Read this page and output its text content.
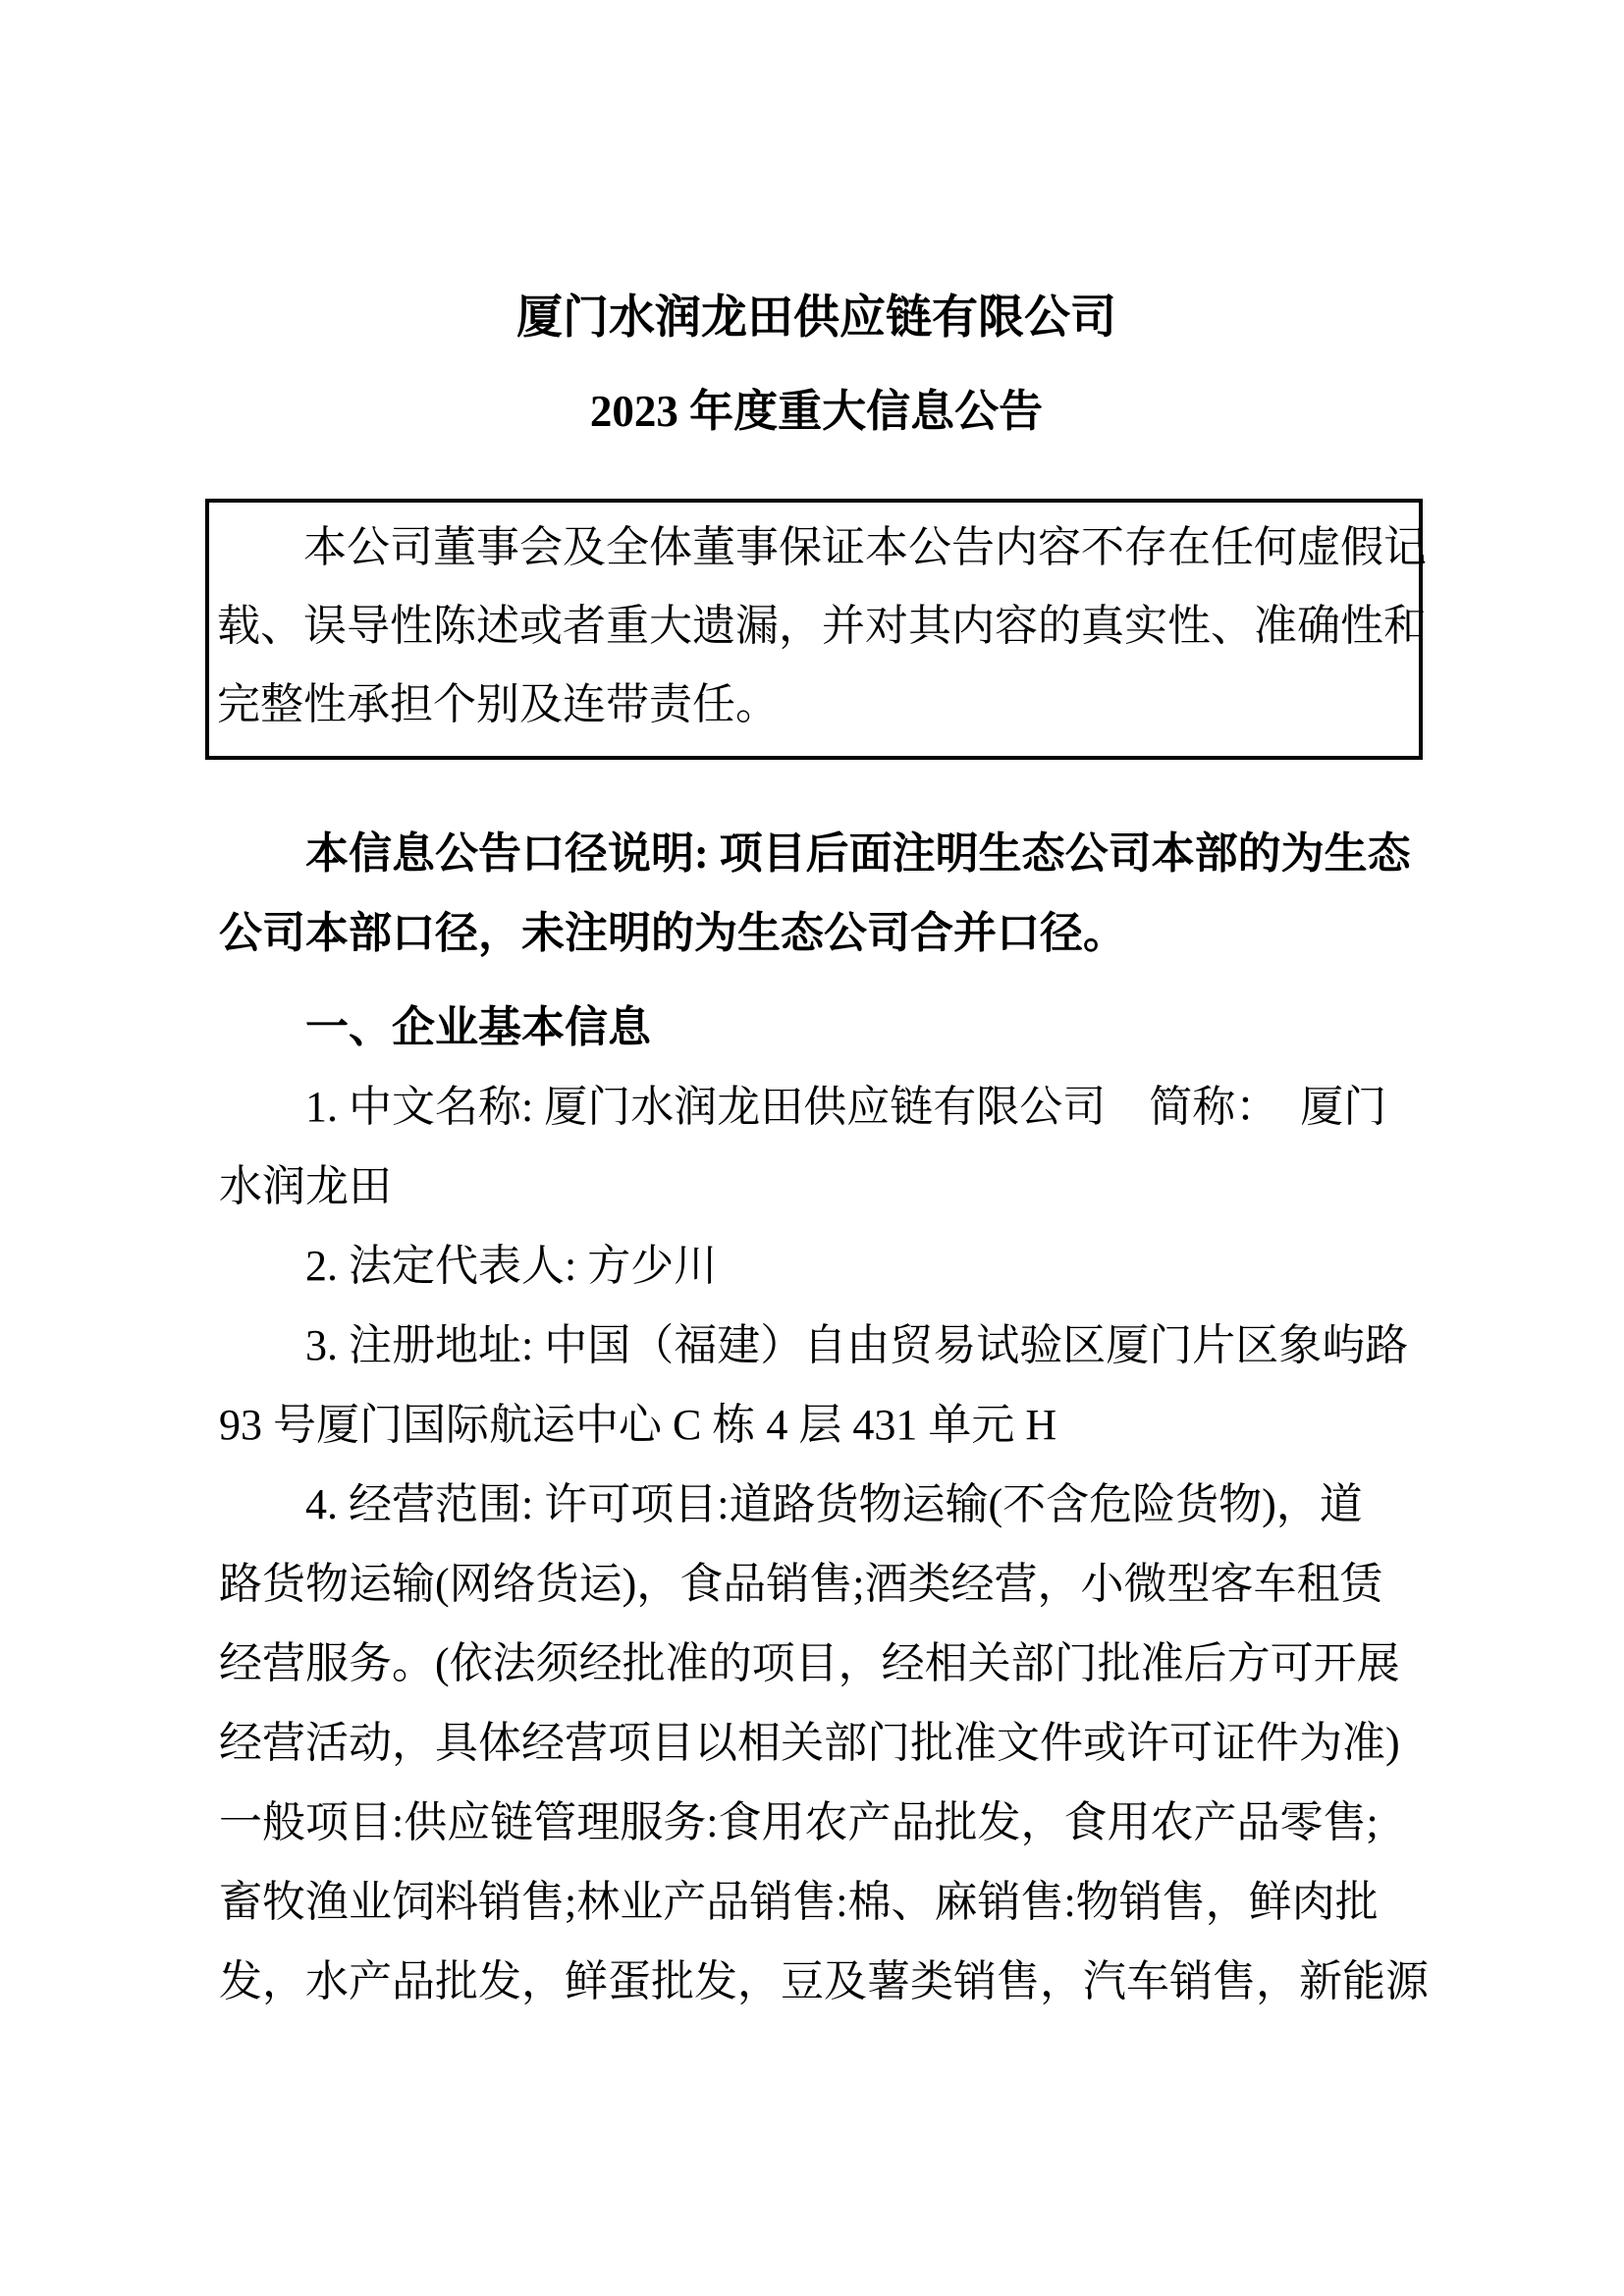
厦门水润龙田供应链有限公司
2023 年度重大信息公告
本公司董事会及全体董事保证本公告内容不存在任何虚假记
载、误导性陈述或者重大遗漏，并对其内容的真实性、准确性和
完整性承担个别及连带责任。
本信息公告口径说明: 项目后面注明生态公司本部的为生态
公司本部口径，未注明的为生态公司合并口径。
一、企业基本信息
1. 中文名称: 厦门水润龙田供应链有限公司　简称：　厦门
水润龙田
2. 法定代表人: 方少川
3. 注册地址: 中国（福建）自由贸易试验区厦门片区象屿路
93 号厦门国际航运中心 C 栋 4 层 431 单元 H
4. 经营范围: 许可项目:道路货物运输(不含危险货物)，道
路货物运输(网络货运)，食品销售;酒类经营，小微型客车租赁
经营服务。(依法须经批准的项目，经相关部门批准后方可开展
经营活动，具体经营项目以相关部门批准文件或许可证件为准)
一般项目:供应链管理服务:食用农产品批发，食用农产品零售;
畜牧渔业饲料销售;林业产品销售:棉、麻销售:物销售，鲜肉批
发，水产品批发，鲜蛋批发，豆及薯类销售，汽车销售，新能源
